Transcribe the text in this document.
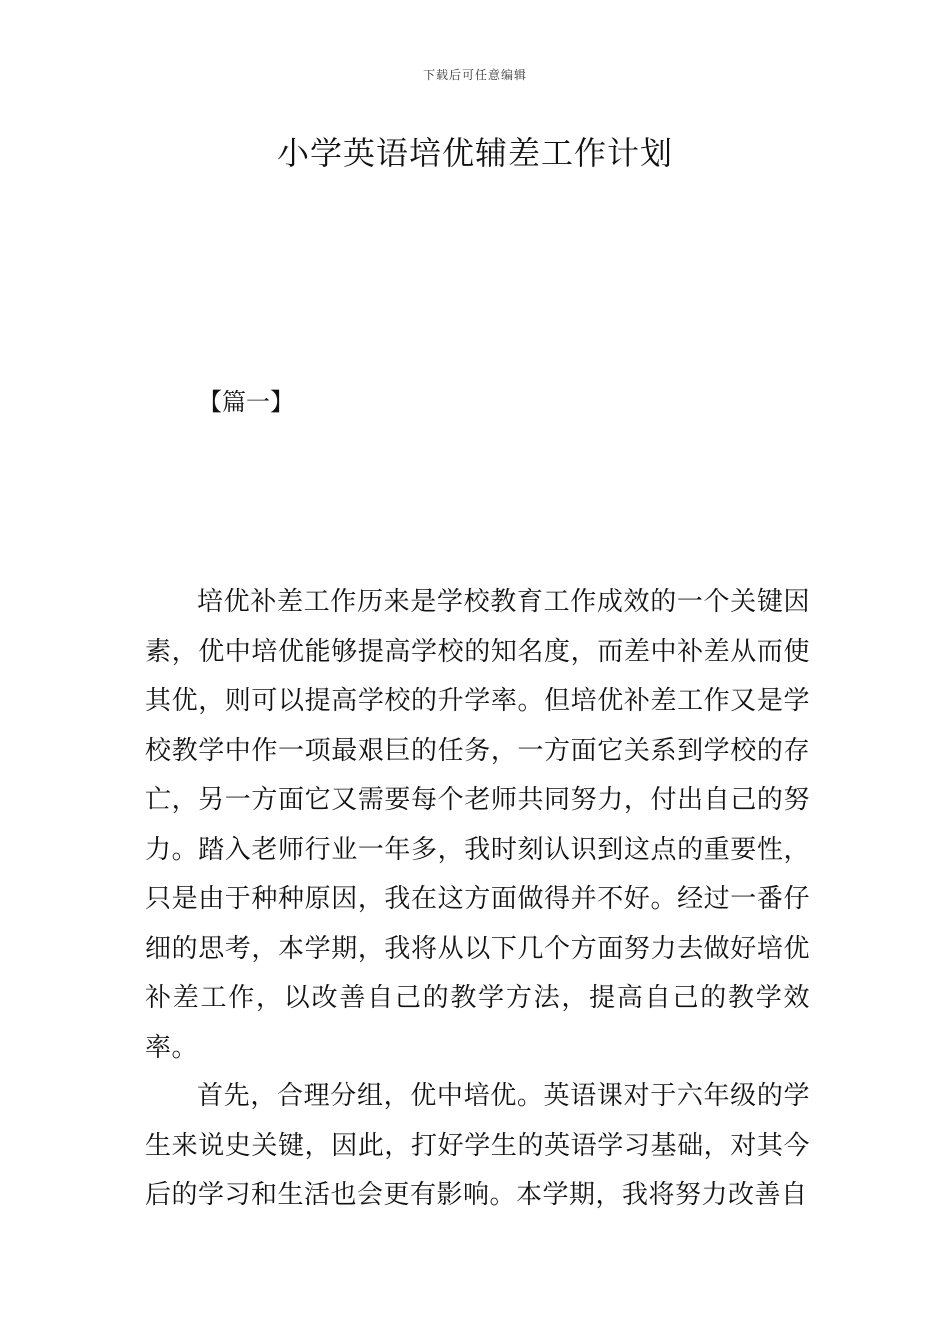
下载后可任意编辑
小学英语培优辅差工作计划
【篇一】

培优补差工作历来是学校教育工作成效的一个关键因素，优中培优能够提高学校的知名度，而差中补差从而使其优，则可以提高学校的升学率。但培优补差工作又是学校教学中作一项最艰巨的任务，一方面它关系到学校的存亡，另一方面它又需要每个老师共同努力，付出自己的努力。踏入老师行业一年多，我时刻认识到这点的重要性，只是由于种种原因，我在这方面做得并不好。经过一番仔细的思考，本学期，我将从以下几个方面努力去做好培优补差工作，以改善自己的教学方法，提高自己的教学效率。

首先，合理分组，优中培优。英语课对于六年级的学生来说史关键，因此，打好学生的英语学习基础，对其今后的学习和生活也会更有影响。本学期，我将努力改善自
